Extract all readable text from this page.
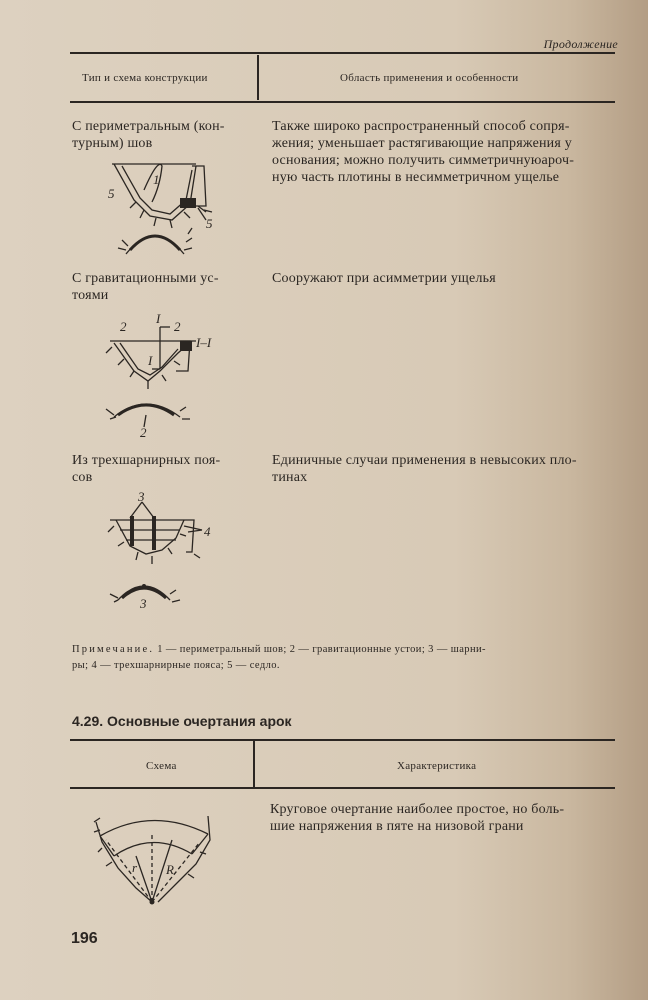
Продолжение
Тип и схема конструкции	Область применения и особенности
С периметральным (кон-
турным) шов
Также широко распространенный способ сопря-
жения; уменьшает растягивающие напряжения у
основания; можно получить симметричнуюароч-
ную часть плотины в несимметричном ущелье
1
5
5
С гравитационными ус-
тоями
Сооружают при асимметрии ущелья
2
I
2
I–I
I
2
Из трехшарнирных поя-
сов
Единичные случаи применения в невысоких пло-
тинах
3
4
3
Примечание. 1 — периметральный шов; 2 — гравитационные устои; 3 — шарни-
ры; 4 — трехшарнирные пояса; 5 — седло.
4.29. Основные очертания арок
Схема	Характеристика
Круговое очертание наиболее простое, но боль-
шие напряжения в пяте на низовой грани
r R
196
